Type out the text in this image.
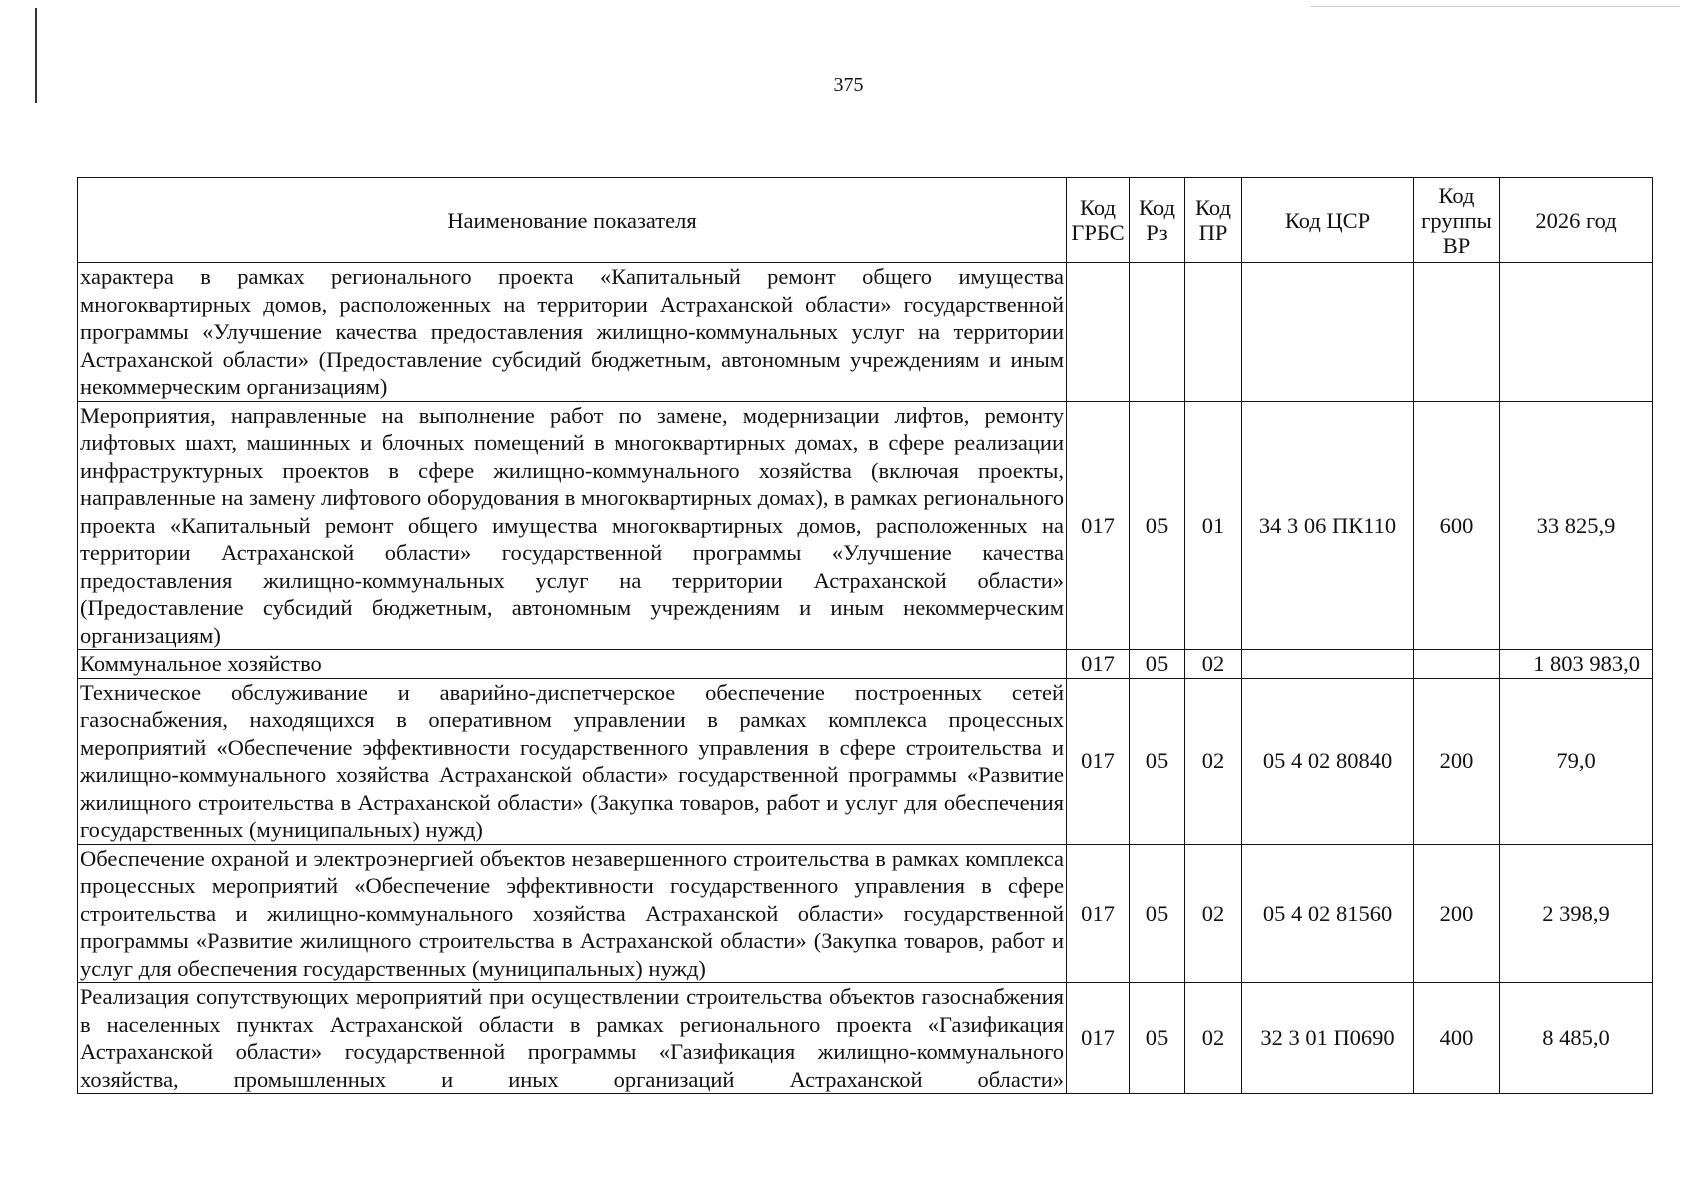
375
Наименование показателя	Код ГРБС	Код Рз	Код ПР	Код ЦСР	Код группы ВР	2026 год
характера в рамках регионального проекта «Капитальный ремонт общего имущества многоквартирных домов, расположенных на территории Астраханской области» государственной программы «Улучшение качества предоставления жилищно-коммунальных услуг на территории Астраханской области» (Предоставление субсидий бюджетным, автономным учреждениям и иным некоммерческим организациям)						
Мероприятия, направленные на выполнение работ по замене, модернизации лифтов, ремонту лифтовых шахт, машинных и блочных помещений в многоквартирных домах, в сфере реализации инфраструктурных проектов в сфере жилищно-коммунального хозяйства (включая проекты, направленные на замену лифтового оборудования в многоквартирных домах), в рамках регионального проекта «Капитальный ремонт общего имущества многоквартирных домов, расположенных на территории Астраханской области» государственной программы «Улучшение качества предоставления жилищно-коммунальных услуг на территории Астраханской области» (Предоставление субсидий бюджетным, автономным учреждениям и иным некоммерческим организациям)	017	05	01	34 3 06 ПК110	600	33 825,9
Коммунальное хозяйство	017	05	02			1 803 983,0
Техническое обслуживание и аварийно-диспетчерское обеспечение построенных сетей газоснабжения, находящихся в оперативном управлении в рамках комплекса процессных мероприятий «Обеспечение эффективности государственного управления в сфере строительства и жилищно-коммунального хозяйства Астраханской области» государственной программы «Развитие жилищного строительства в Астраханской области» (Закупка товаров, работ и услуг для обеспечения государственных (муниципальных) нужд)	017	05	02	05 4 02 80840	200	79,0
Обеспечение охраной и электроэнергией объектов незавершенного строительства в рамках комплекса процессных мероприятий «Обеспечение эффективности государственного управления в сфере строительства и жилищно-коммунального хозяйства Астраханской области» государственной программы «Развитие жилищного строительства в Астраханской области» (Закупка товаров, работ и услуг для обеспечения государственных (муниципальных) нужд)	017	05	02	05 4 02 81560	200	2 398,9
Реализация сопутствующих мероприятий при осуществлении строительства объектов газоснабжения в населенных пунктах Астраханской области в рамках регионального проекта «Газификация Астраханской области» государственной программы «Газификация жилищно-коммунального хозяйства, промышленных и иных организаций Астраханской области»	017	05	02	32 3 01 П0690	400	8 485,0
